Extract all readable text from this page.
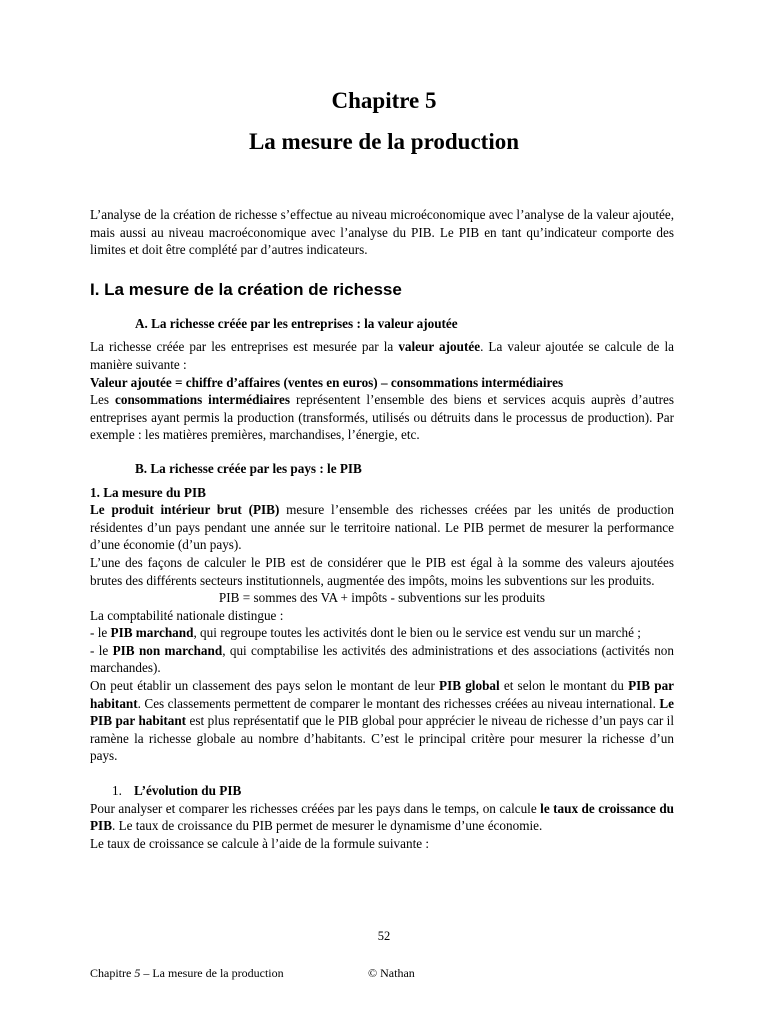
Chapitre 5
La mesure de la production

L’analyse de la création de richesse s’effectue au niveau microéconomique avec l’analyse de la valeur ajoutée, mais aussi au niveau macroéconomique avec l’analyse du PIB. Le PIB en tant qu’indicateur comporte des limites et doit être complété par d’autres indicateurs.

I. La mesure de la création de richesse
A. La richesse créée par les entreprises : la valeur ajoutée

La richesse créée par les entreprises est mesurée par la valeur ajoutée. La valeur ajoutée se calcule de la manière suivante :

Valeur ajoutée = chiffre d’affaires (ventes en euros) – consommations intermédiaires

Les consommations intermédiaires représentent l’ensemble des biens et services acquis auprès d’autres entreprises ayant permis la production (transformés, utilisés ou détruits dans le processus de production). Par exemple : les matières premières, marchandises, l’énergie, etc.

B. La richesse créée par les pays : le PIB
1. La mesure du PIB

Le produit intérieur brut (PIB) mesure l’ensemble des richesses créées par les unités de production résidentes d’un pays pendant une année sur le territoire national. Le PIB permet de mesurer la performance d’une économie (d’un pays).

L’une des façons de calculer le PIB est de considérer que le PIB est égal à la somme des valeurs ajoutées brutes des différents secteurs institutionnels, augmentée des impôts, moins les subventions sur les produits.

PIB = sommes des VA + impôts - subventions sur les produits

La comptabilité nationale distingue :

- le PIB marchand, qui regroupe toutes les activités dont le bien ou le service est vendu sur un marché ;

- le PIB non marchand, qui comptabilise les activités des administrations et des associations (activités non marchandes).

On peut établir un classement des pays selon le montant de leur PIB global et selon le montant du PIB par habitant. Ces classements permettent de comparer le montant des richesses créées au niveau international. Le PIB par habitant est plus représentatif que le PIB global pour apprécier le niveau de richesse d’un pays car il ramène la richesse globale au nombre d’habitants. C’est le principal critère pour mesurer la richesse d’un pays.

1. L’évolution du PIB

Pour analyser et comparer les richesses créées par les pays dans le temps, on calcule le taux de croissance du PIB. Le taux de croissance du PIB permet de mesurer le dynamisme d’une économie.

Le taux de croissance se calcule à l’aide de la formule suivante :

52
Chapitre 5 – La mesure de la production	© Nathan
